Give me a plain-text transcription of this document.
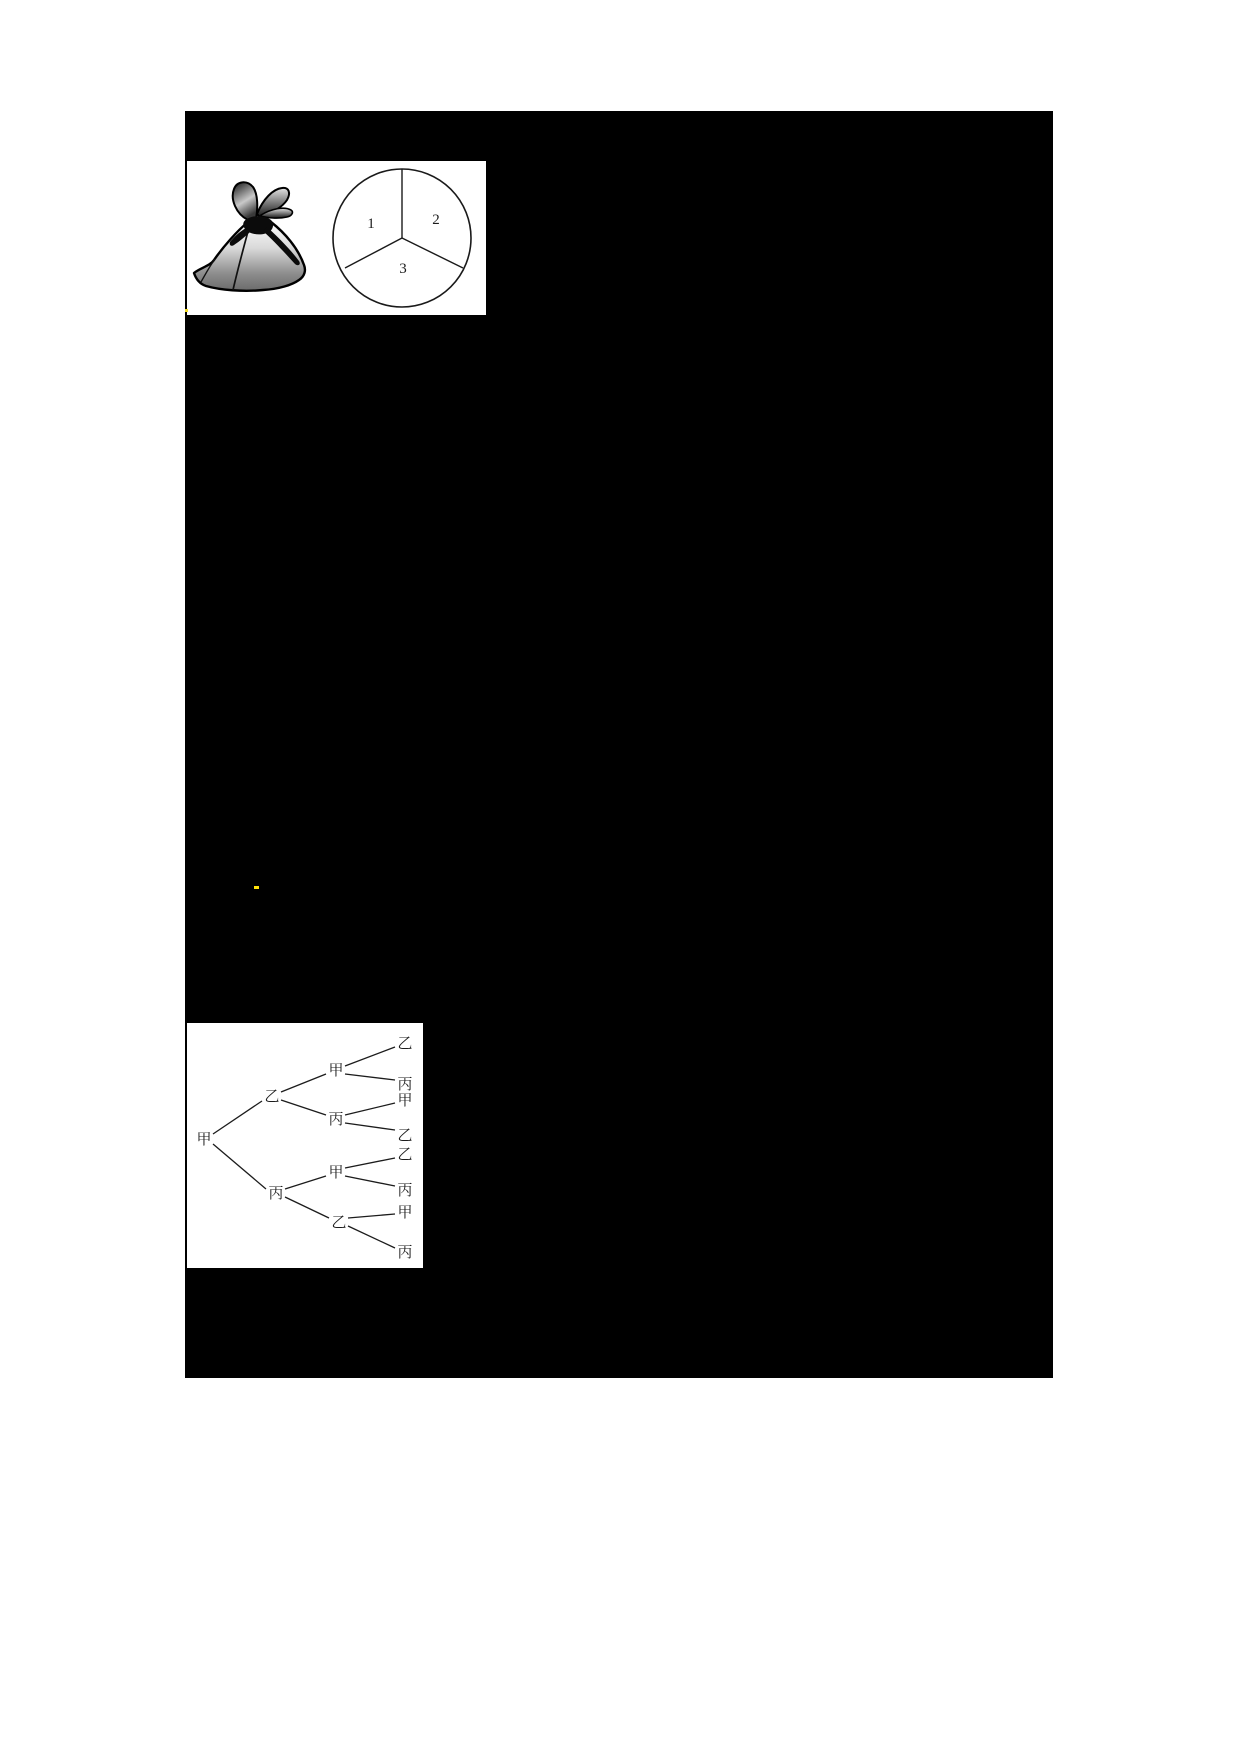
1	2
3
甲
乙
甲
乙
丙
丙
甲
乙
丙
甲
乙
丙
乙
甲
丙
